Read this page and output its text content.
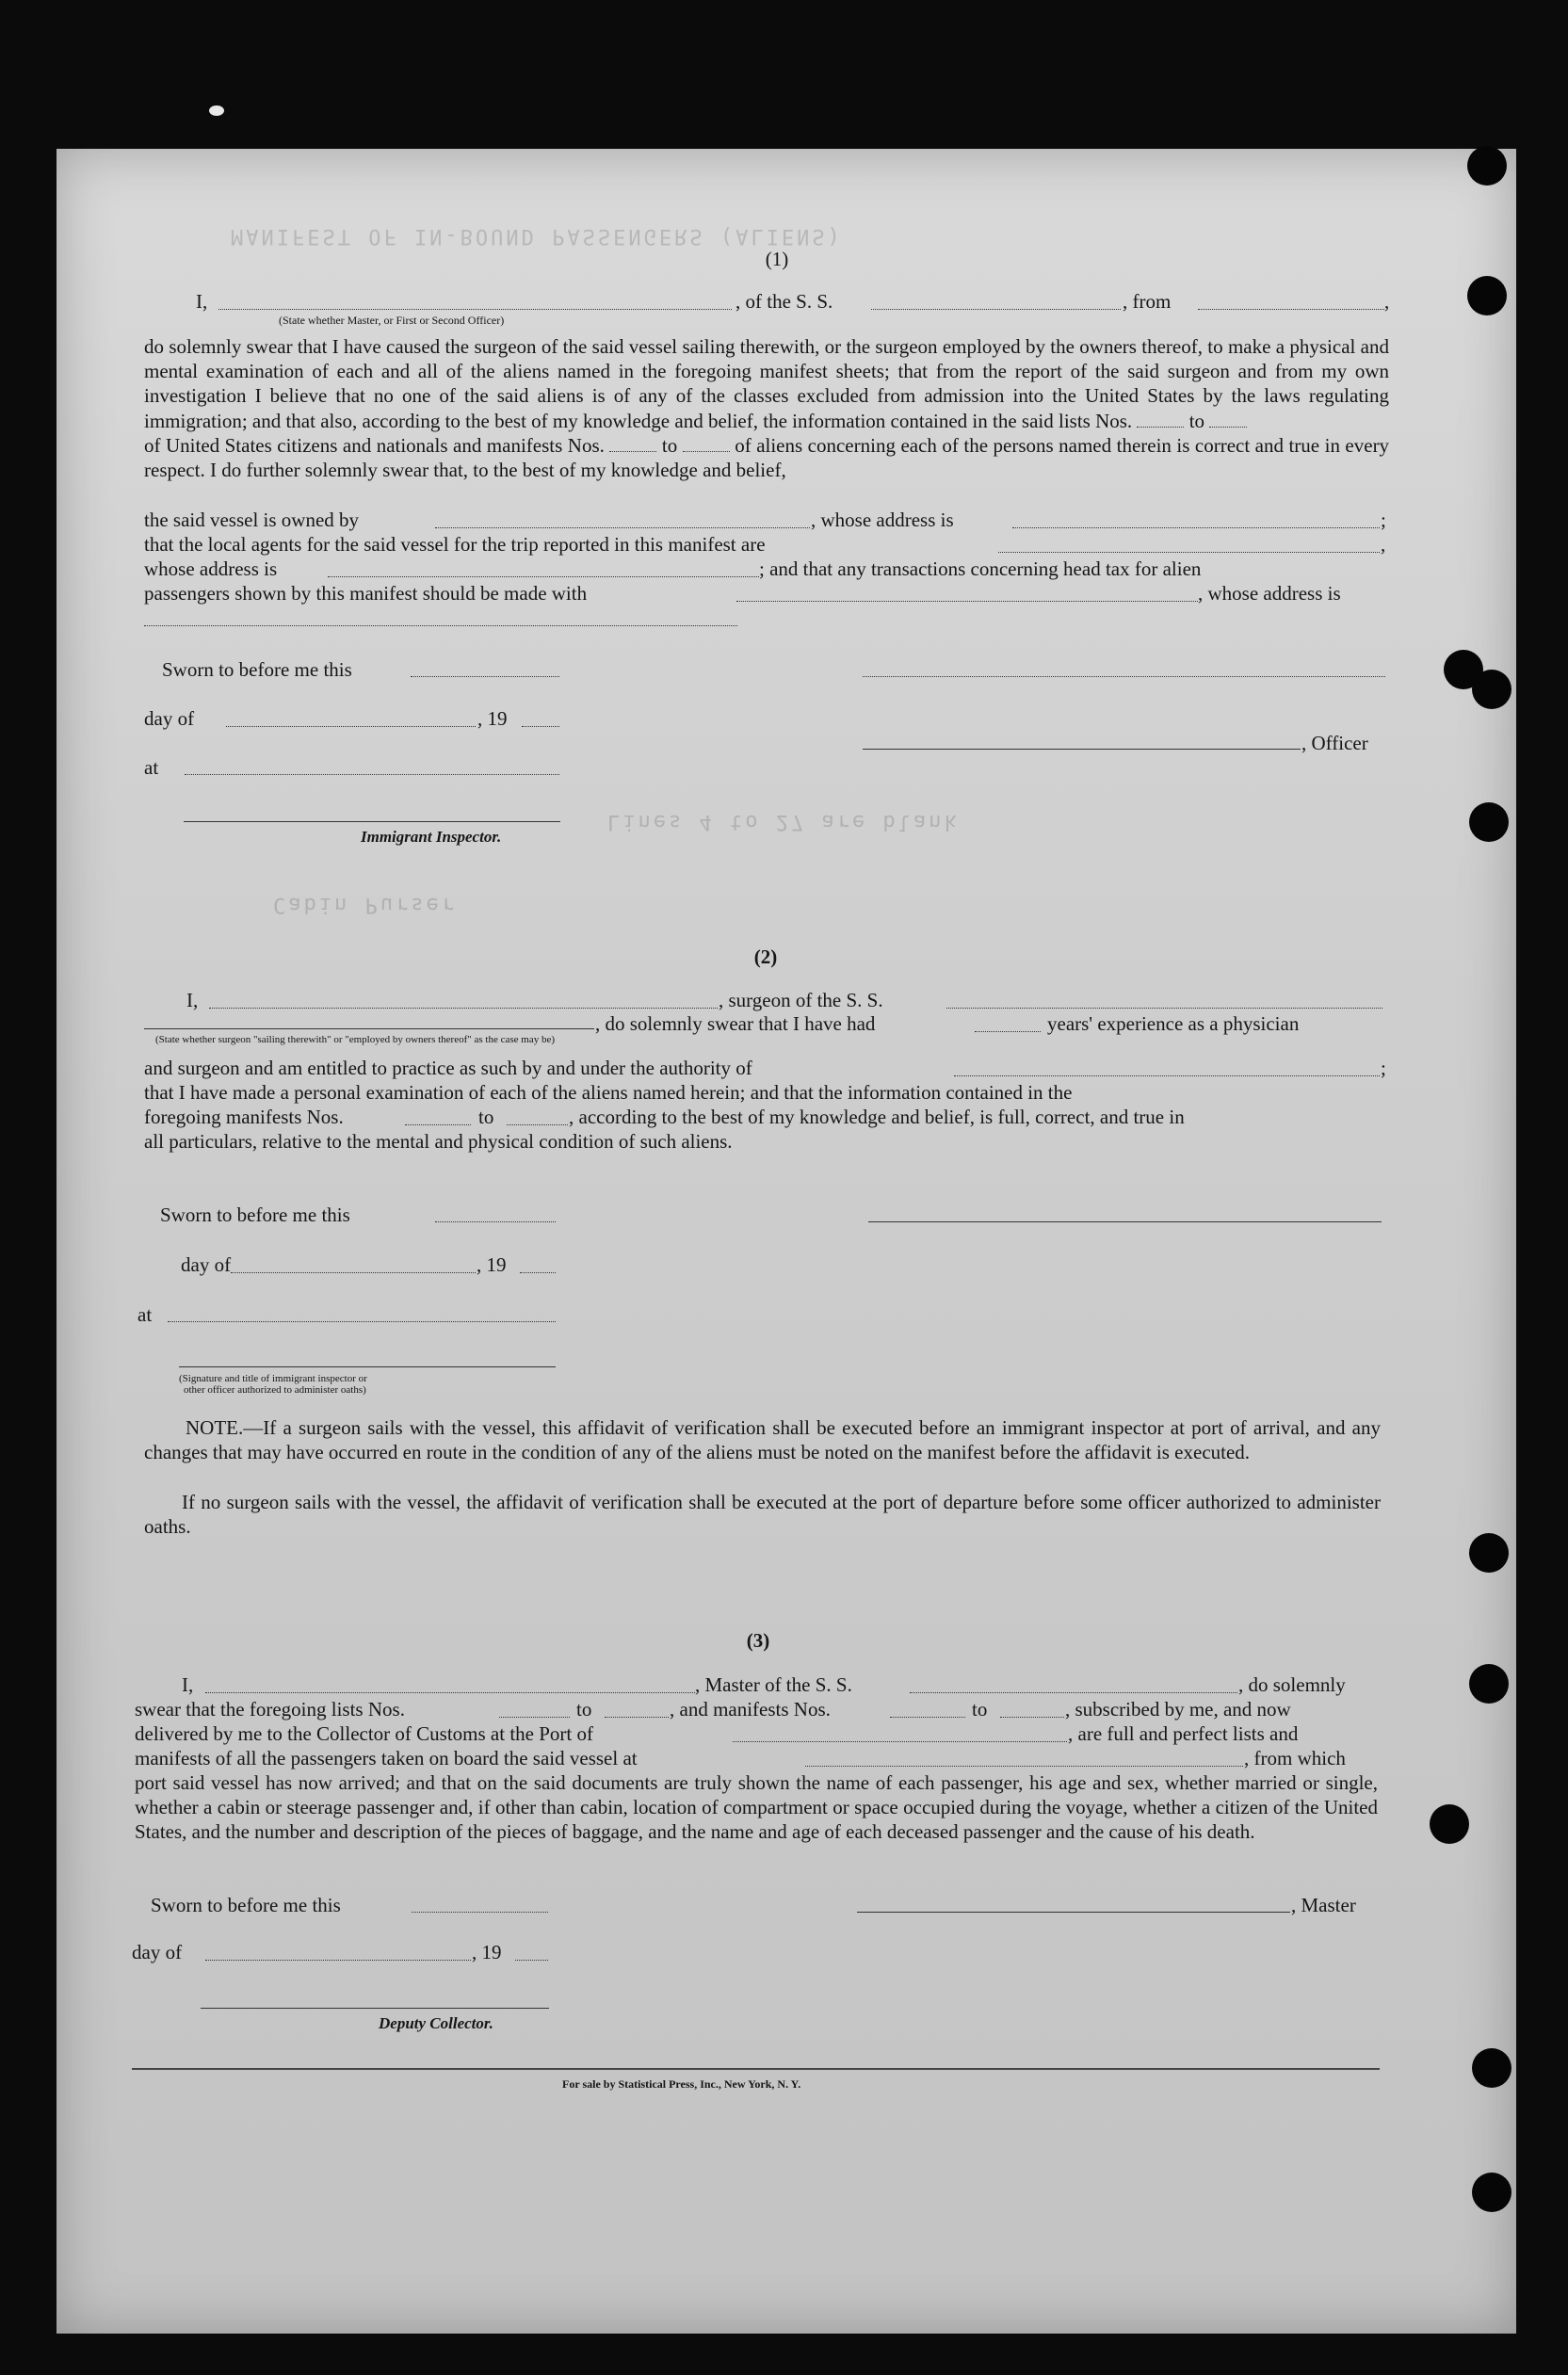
MANIFEST OF IN-BOUND PASSENGERS (ALIENS)
Lines 4 to 27 are blank
Cabin Purser
(1)
I,	, of the S. S.	, from	,
(State whether Master, or First or Second Officer)
do solemnly swear that I have caused the surgeon of the said vessel sailing therewith, or the surgeon employed by the owners thereof, to make a physical and mental examination of each and all of the aliens named in the foregoing manifest sheets; that from the report of the said surgeon and from my own investigation I believe that no one of the said aliens is of any of the classes excluded from admission into the United States by the laws regulating immigration; and that also, according to the best of my knowledge and belief, the information contained in the said lists Nos.	to
of United States citizens and nationals and manifests Nos.	to	of aliens concerning each of the persons named therein is correct and true in every respect. I do further solemnly swear that, to the best of my knowledge and belief,
the said vessel is owned by	, whose address is	;
that the local agents for the said vessel for the trip reported in this manifest are	,
whose address is	; and that any transactions concerning head tax for alien
passengers shown by this manifest should be made with	, whose address is
Sworn to before me this
day of	, 19
, Officer
at
Immigrant Inspector.
(2)
I,	, surgeon of the S. S.
, do solemnly swear that I have had	years' experience as a physician
(State whether surgeon "sailing therewith" or "employed by owners thereof" as the case may be)
and surgeon and am entitled to practice as such by and under the authority of	;
that I have made a personal examination of each of the aliens named herein; and that the information contained in the
foregoing manifests Nos.	to	, according to the best of my knowledge and belief, is full, correct, and true in
all particulars, relative to the mental and physical condition of such aliens.
Sworn to before me this
day of	, 19
at
(Signature and title of immigrant inspector or
other officer authorized to administer oaths)
NOTE.—If a surgeon sails with the vessel, this affidavit of verification shall be executed before an immigrant inspector at port of arrival, and any changes that may have occurred en route in the condition of any of the aliens must be noted on the manifest before the affidavit is executed.
If no surgeon sails with the vessel, the affidavit of verification shall be executed at the port of departure before some officer authorized to administer oaths.
(3)
I,	, Master of the S. S.	, do solemnly
swear that the foregoing lists Nos.	to	, and manifests Nos.	to	, subscribed by me, and now
delivered by me to the Collector of Customs at the Port of	, are full and perfect lists and
manifests of all the passengers taken on board the said vessel at	, from which
port said vessel has now arrived; and that on the said documents are truly shown the name of each passenger, his age and sex, whether married or single, whether a cabin or steerage passenger and, if other than cabin, location of compartment or space occupied during the voyage, whether a citizen of the United States, and the number and description of the pieces of baggage, and the name and age of each deceased passenger and the cause of his death.
Sworn to before me this	, Master
day of	, 19
Deputy Collector.
For sale by Statistical Press, Inc., New York, N. Y.
